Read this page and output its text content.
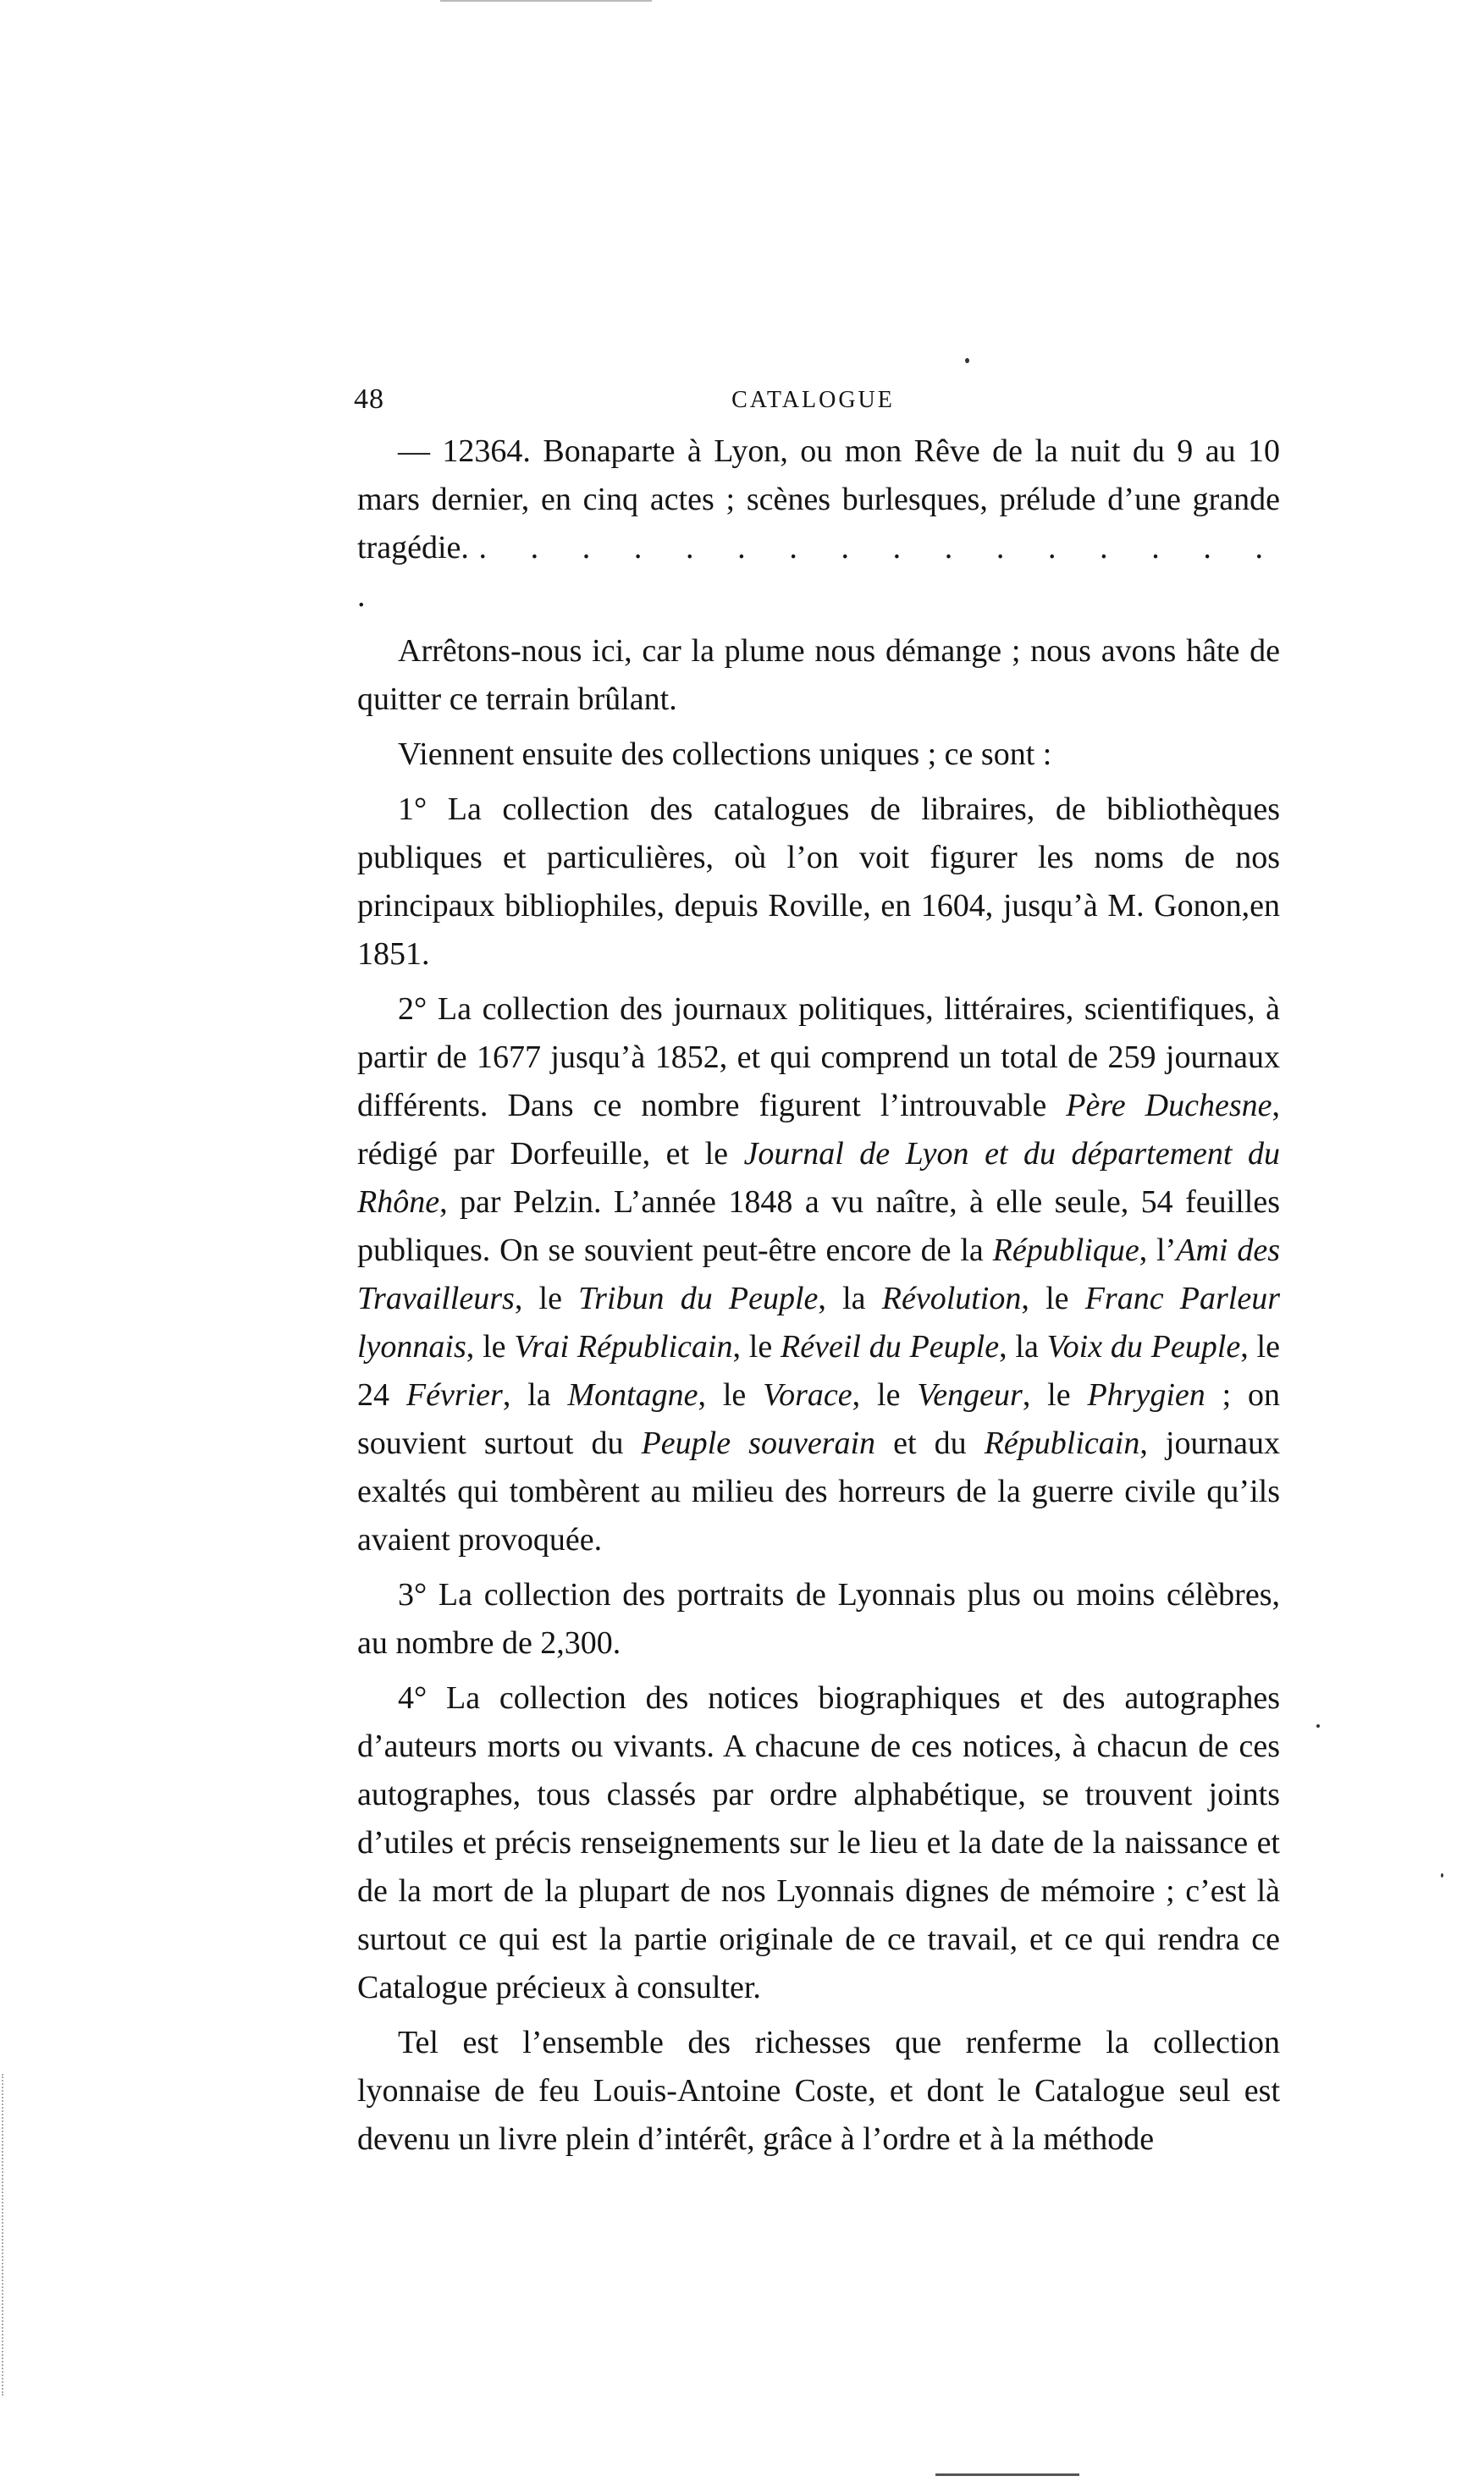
48	CATALOGUE

— 12364. Bonaparte à Lyon, ou mon Rêve de la nuit du 9 au 10 mars dernier, en cinq actes ; scènes burlesques, prélude d’une grande tragédie. . . . . . . . . . . . . . . . . .

Arrêtons-nous ici, car la plume nous démange ; nous avons hâte de quitter ce terrain brûlant.

Viennent ensuite des collections uniques ; ce sont :

1° La collection des catalogues de libraires, de bibliothèques publiques et particulières, où l’on voit figurer les noms de nos principaux bibliophiles, depuis Roville, en 1604, jusqu’à M. Gonon,en 1851.

2° La collection des journaux politiques, littéraires, scientifiques, à partir de 1677 jusqu’à 1852, et qui comprend un total de 259 journaux différents. Dans ce nombre figurent l’introuvable Père Duchesne, rédigé par Dorfeuille, et le Journal de Lyon et du département du Rhône, par Pelzin. L’année 1848 a vu naître, à elle seule, 54 feuilles publiques. On se souvient peut-être encore de la République, l’Ami des Travailleurs, le Tribun du Peuple, la Révolution, le Franc Parleur lyonnais, le Vrai Républicain, le Réveil du Peuple, la Voix du Peuple, le 24 Février, la Montagne, le Vorace, le Vengeur, le Phrygien ; on souvient surtout du Peuple souverain et du Républicain, journaux exaltés qui tombèrent au milieu des horreurs de la guerre civile qu’ils avaient provoquée.

3° La collection des portraits de Lyonnais plus ou moins célèbres, au nombre de 2,300.

4° La collection des notices biographiques et des autographes d’auteurs morts ou vivants. A chacune de ces notices, à chacun de ces autographes, tous classés par ordre alphabétique, se trouvent joints d’utiles et précis renseignements sur le lieu et la date de la naissance et de la mort de la plupart de nos Lyonnais dignes de mémoire ; c’est là surtout ce qui est la partie originale de ce travail, et ce qui rendra ce Catalogue précieux à consulter.

Tel est l’ensemble des richesses que renferme la collection lyonnaise de feu Louis-Antoine Coste, et dont le Catalogue seul est devenu un livre plein d’intérêt, grâce à l’ordre et à la méthode
